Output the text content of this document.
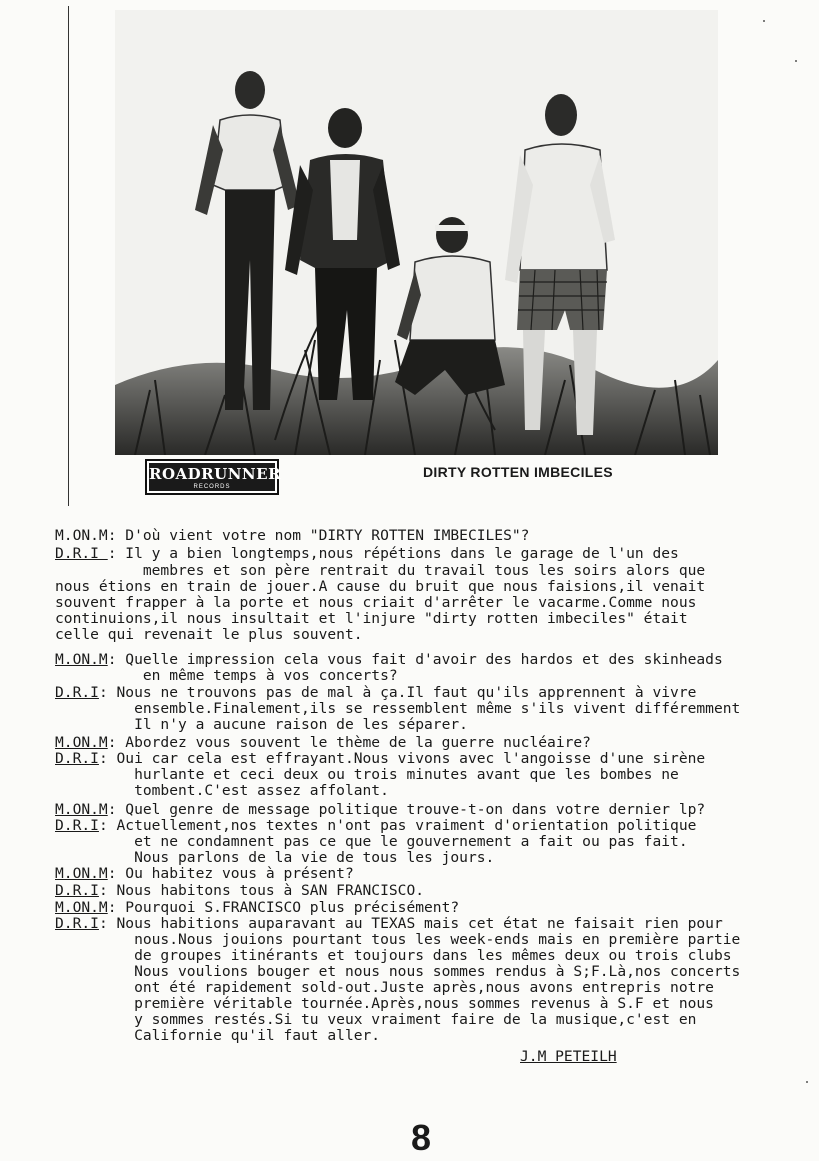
ROADRUNNER
RECORDS
DIRTY ROTTEN IMBECILES
M.ON.M: D'où vient votre nom "DIRTY ROTTEN IMBECILES"?
D.R.I : Il y a bien longtemps,nous répétions dans le garage de l'un des
membres et son père rentrait du travail tous les soirs alors que
nous étions en train de jouer.A cause du bruit que nous faisions,il venait
souvent frapper à la porte et nous criait d'arrêter le vacarme.Comme nous
continuions,il nous insultait et l'injure "dirty rotten imbeciles" était
celle qui revenait le plus souvent.
M.ON.M: Quelle impression cela vous fait d'avoir des hardos et des skinheads
en même temps à vos concerts?
D.R.I: Nous ne trouvons pas de mal à ça.Il faut qu'ils apprennent à vivre
ensemble.Finalement,ils se ressemblent même s'ils vivent différemment
Il n'y a aucune raison de les séparer.
M.ON.M: Abordez vous souvent le thème de la guerre nucléaire?
D.R.I: Oui car cela est effrayant.Nous vivons avec l'angoisse d'une sirène
hurlante et ceci deux ou trois minutes avant que les bombes ne
tombent.C'est assez affolant.
M.ON.M: Quel genre de message politique trouve-t-on dans votre dernier lp?
D.R.I: Actuellement,nos textes n'ont pas vraiment d'orientation politique
et ne condamnent pas ce que le gouvernement a fait ou pas fait.
Nous parlons de la vie de tous les jours.
M.ON.M: Ou habitez vous à présent?
D.R.I: Nous habitons tous à SAN FRANCISCO.
M.ON.M: Pourquoi S.FRANCISCO plus précisément?
D.R.I: Nous habitions auparavant au TEXAS mais cet état ne faisait rien pour
nous.Nous jouions pourtant tous les week-ends mais en première partie
de groupes itinérants et toujours dans les mêmes deux ou trois clubs
Nous voulions bouger et nous nous sommes rendus à S;F.Là,nos concerts
ont été rapidement sold-out.Juste après,nous avons entrepris notre
première véritable tournée.Après,nous sommes revenus à S.F et nous
y sommes restés.Si tu veux vraiment faire de la musique,c'est en
Californie qu'il faut aller.
J.M PETEILH
8
